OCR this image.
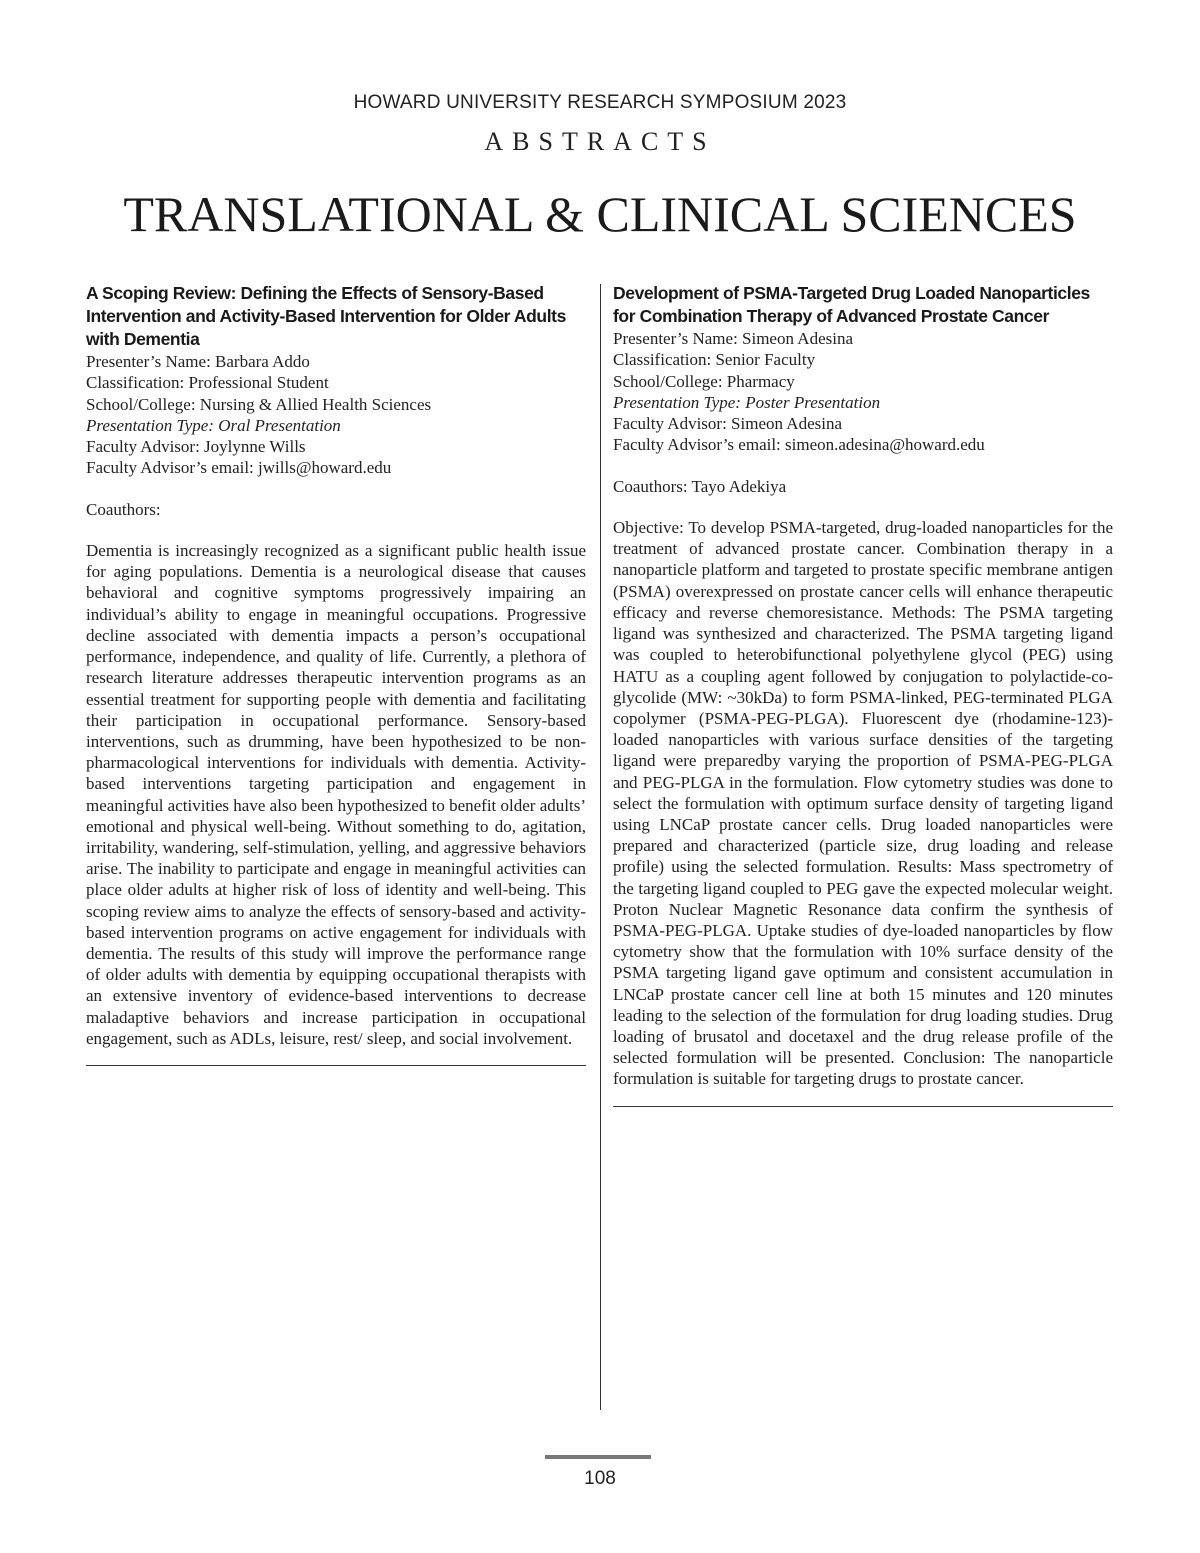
HOWARD UNIVERSITY RESEARCH SYMPOSIUM 2023
ABSTRACTS
TRANSLATIONAL & CLINICAL SCIENCES
A Scoping Review: Defining the Effects of Sensory-Based Intervention and Activity-Based Intervention for Older Adults with Dementia
Presenter’s Name: Barbara Addo
Classification: Professional Student
School/College: Nursing & Allied Health Sciences
Presentation Type: Oral Presentation
Faculty Advisor: Joylynne Wills
Faculty Advisor’s email: jwills@howard.edu
Coauthors:
Dementia is increasingly recognized as a significant public health issue for aging populations. Dementia is a neurological disease that causes behavioral and cognitive symptoms progressively impairing an individual’s ability to engage in meaningful occupations. Progressive decline associated with dementia impacts a person’s occupational performance, independence, and quality of life. Currently, a plethora of research literature addresses therapeutic intervention programs as an essential treatment for supporting people with dementia and facilitating their participation in occupational performance. Sensory-based interventions, such as drumming, have been hypothesized to be non-pharmacological interventions for individuals with dementia. Activity-based interventions targeting participation and engagement in meaningful activities have also been hypothesized to benefit older adults’ emotional and physical well-being. Without something to do, agitation, irritability, wandering, self-stimulation, yelling, and aggressive behaviors arise. The inability to participate and engage in meaningful activities can place older adults at higher risk of loss of identity and well-being. This scoping review aims to analyze the effects of sensory-based and activity-based intervention programs on active engagement for individuals with dementia. The results of this study will improve the performance range of older adults with dementia by equipping occupational therapists with an extensive inventory of evidence-based interventions to decrease maladaptive behaviors and increase participation in occupational engagement, such as ADLs, leisure, rest/ sleep, and social involvement.
Development of PSMA-Targeted Drug Loaded Nanoparticles for Combination Therapy of Advanced Prostate Cancer
Presenter’s Name: Simeon Adesina
Classification: Senior Faculty
School/College: Pharmacy
Presentation Type: Poster Presentation
Faculty Advisor: Simeon Adesina
Faculty Advisor’s email: simeon.adesina@howard.edu
Coauthors: Tayo Adekiya
Objective: To develop PSMA-targeted, drug-loaded nanoparticles for the treatment of advanced prostate cancer. Combination therapy in a nanoparticle platform and targeted to prostate specific membrane antigen (PSMA) overexpressed on prostate cancer cells will enhance therapeutic efficacy and reverse chemoresistance. Methods: The PSMA targeting ligand was synthesized and characterized. The PSMA targeting ligand was coupled to heterobifunctional polyethylene glycol (PEG) using HATU as a coupling agent followed by conjugation to polylactide-co-glycolide (MW: ~30kDa) to form PSMA-linked, PEG-terminated PLGA copolymer (PSMA-PEG-PLGA). Fluorescent dye (rhodamine-123)-loaded nanoparticles with various surface densities of the targeting ligand were preparedby varying the proportion of PSMA-PEG-PLGA and PEG-PLGA in the formulation. Flow cytometry studies was done to select the formulation with optimum surface density of targeting ligand using LNCaP prostate cancer cells. Drug loaded nanoparticles were prepared and characterized (particle size, drug loading and release profile) using the selected formulation. Results: Mass spectrometry of the targeting ligand coupled to PEG gave the expected molecular weight. Proton Nuclear Magnetic Resonance data confirm the synthesis of PSMA-PEG-PLGA. Uptake studies of dye-loaded nanoparticles by flow cytometry show that the formulation with 10% surface density of the PSMA targeting ligand gave optimum and consistent accumulation in LNCaP prostate cancer cell line at both 15 minutes and 120 minutes leading to the selection of the formulation for drug loading studies. Drug loading of brusatol and docetaxel and the drug release profile of the selected formulation will be presented. Conclusion: The nanoparticle formulation is suitable for targeting drugs to prostate cancer.
108
